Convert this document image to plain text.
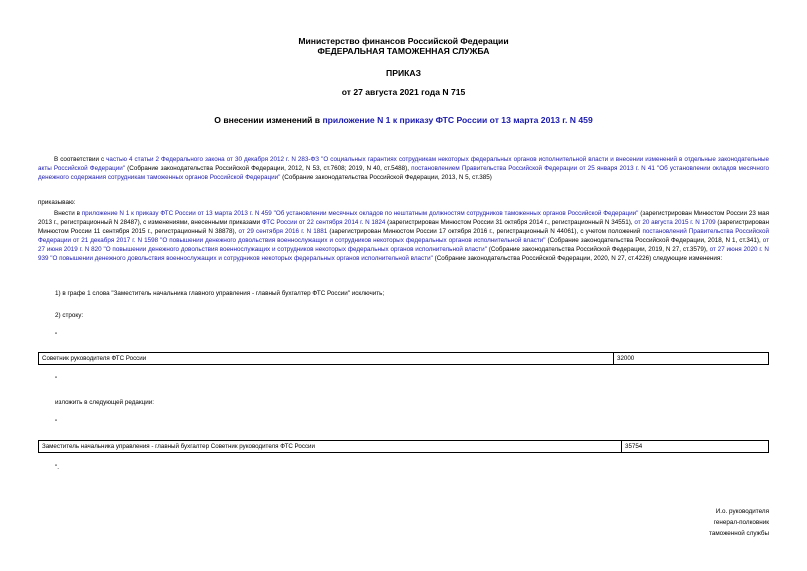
Министерство финансов Российской Федерации
ФЕДЕРАЛЬНАЯ ТАМОЖЕННАЯ СЛУЖБА
ПРИКАЗ
от 27 августа 2021 года N 715
О внесении изменений в приложение N 1 к приказу ФТС России от 13 марта 2013 г. N 459
В соответствии с частью 4 статьи 2 Федерального закона от 30 декабря 2012 г. N 283-ФЗ "О социальных гарантиях сотрудникам некоторых федеральных органов исполнительной власти и внесении изменений в отдельные законодательные акты Российской Федерации" (Собрание законодательства Российской Федерации, 2012, N 53, ст.7608; 2019, N 40, ст.5488), постановлением Правительства Российской Федерации от 25 января 2013 г. N 41 "Об установлении окладов месячного денежного содержания сотрудникам таможенных органов Российской Федерации" (Собрание законодательства Российской Федерации, 2013, N 5, ст.385)
приказываю:
Внести в приложение N 1 к приказу ФТС России от 13 марта 2013 г. N 459 "Об установлении месячных окладов по нештатным должностям сотрудников таможенных органов Российской Федерации" (зарегистрирован Минюстом России 23 мая 2013 г., регистрационный N 28487), с изменениями, внесенными приказами ФТС России от 22 сентября 2014 г. N 1824 (зарегистрирован Минюстом России 31 октября 2014 г., регистрационный N 34551), от 20 августа 2015 г. N 1709 (зарегистрирован Минюстом России 11 сентября 2015 г., регистрационный N 38878), от 29 сентября 2016 г. N 1881 (зарегистрирован Минюстом России 17 октября 2016 г., регистрационный N 44061), с учетом положений постановлений Правительства Российской Федерации от 21 декабря 2017 г. N 1598 "О повышении денежного довольствия военнослужащих и сотрудников некоторых федеральных органов исполнительной власти" (Собрание законодательства Российской Федерации, 2018, N 1, ст.341), от 27 июня 2019 г. N 820 "О повышении денежного довольствия военнослужащих и сотрудников некоторых федеральных органов исполнительной власти" (Собрание законодательства Российской Федерации, 2019, N 27, ст.3579), от 27 июня 2020 г. N 939 "О повышении денежного довольствия военнослужащих и сотрудников некоторых федеральных органов исполнительной власти" (Собрание законодательства Российской Федерации, 2020, N 27, ст.4226) следующие изменения:
1) в графе 1 слова "Заместитель начальника главного управления - главный бухгалтер ФТС России" исключить;
2) строку:
"
Советник руководителя ФТС России	32000
"
изложить в следующей редакции:
"
Заместитель начальника управления - главный бухгалтер Советник руководителя ФТС России	35754
".
И.о. руководителя
генерал-полковник
таможенной службы
